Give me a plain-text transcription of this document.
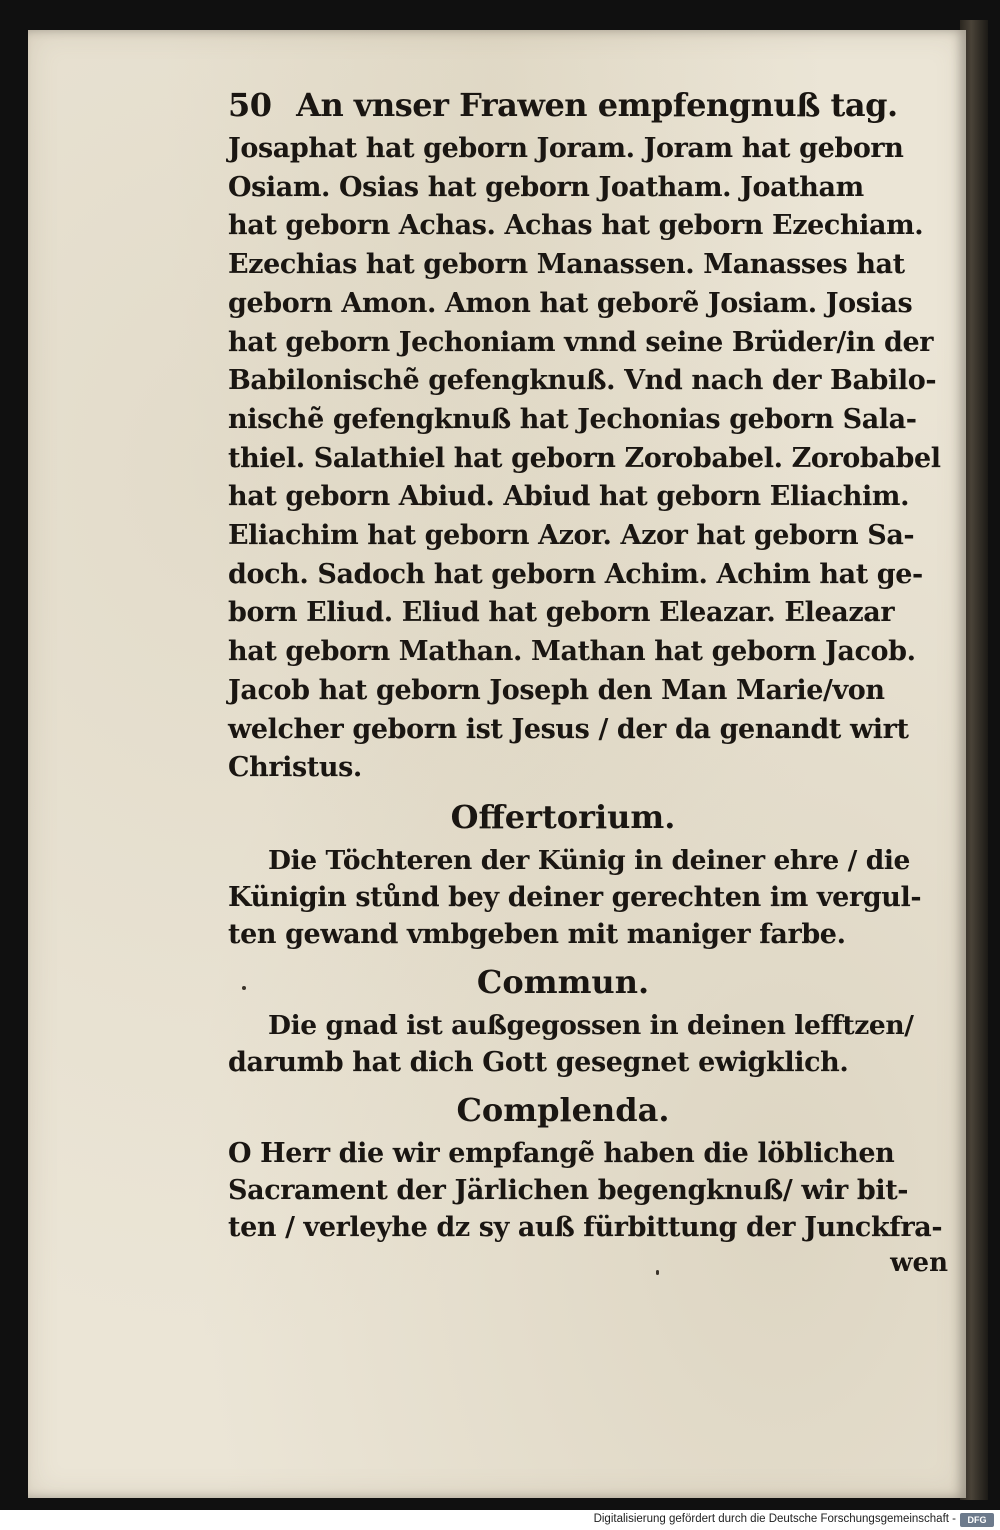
50 An vnser Frawen empfengnuß tag.
Josaphat hat geborn Joram. Joram hat geborn
Osiam. Osias hat geborn Joatham. Joatham
hat geborn Achas. Achas hat geborn Ezechiam.
Ezechias hat geborn Manassen. Manasses hat
geborn Amon. Amon hat geborẽ Josiam. Josias
hat geborn Jechoniam vnnd seine Brüder/in der
Babilonischẽ gefengknuß. Vnd nach der Babilo-
nischẽ gefengknuß hat Jechonias geborn Sala-
thiel. Salathiel hat geborn Zorobabel. Zorobabel
hat geborn Abiud. Abiud hat geborn Eliachim.
Eliachim hat geborn Azor. Azor hat geborn Sa-
doch. Sadoch hat geborn Achim. Achim hat ge-
born Eliud. Eliud hat geborn Eleazar. Eleazar
hat geborn Mathan. Mathan hat geborn Jacob.
Jacob hat geborn Joseph den Man Marie/von
welcher geborn ist Jesus / der da genandt wirt
Christus.
Offertorium.
Die Töchteren der Künig in deiner ehre / die
Künigin stůnd bey deiner gerechten im vergul-
ten gewand vmbgeben mit maniger farbe.
Commun.
Die gnad ist außgegossen in deinen lefftzen/
darumb hat dich Gott gesegnet ewigklich.
Complenda.
O Herr die wir empfangẽ haben die löblichen
Sacrament der Järlichen begengknuß/ wir bit-
ten / verleyhe dz sy auß fürbittung der Junckfra-
wen
Digitalisierung gefördert durch die Deutsche Forschungsgemeinschaft -	DFG
